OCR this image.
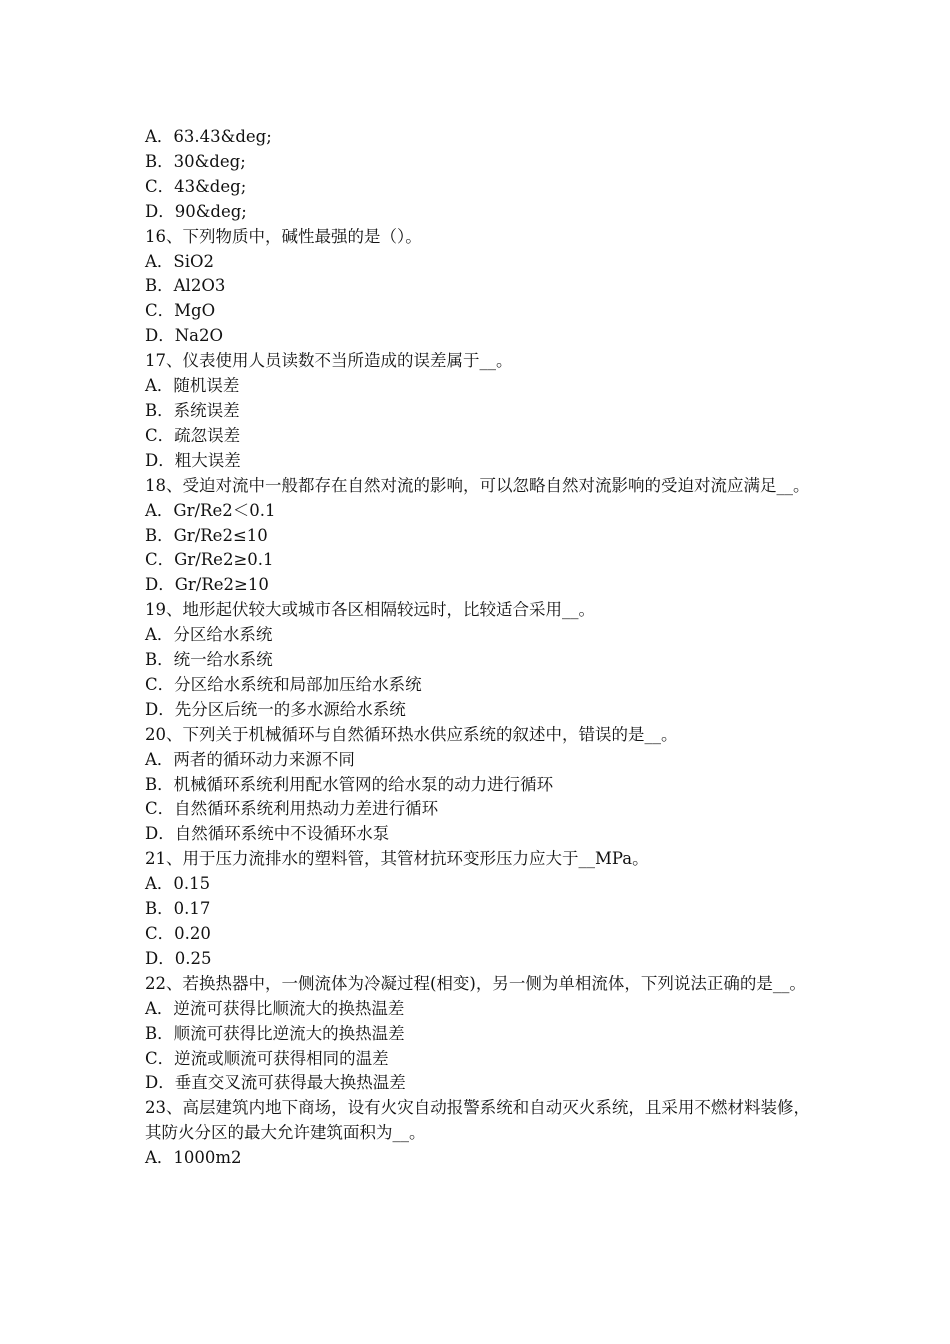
A．63.43&deg;

B．30&deg;

C．43&deg;

D．90&deg;

16、下列物质中，碱性最强的是（）。

A．SiO2

B．Al2O3

C．MgO

D．Na2O

17、仪表使用人员读数不当所造成的误差属于__。

A．随机误差

B．系统误差

C．疏忽误差

D．粗大误差

18、受迫对流中一般都存在自然对流的影响，可以忽略自然对流影响的受迫对流应满足__。

A．Gr/Re2＜0.1

B．Gr/Re2≤10

C．Gr/Re2≥0.1

D．Gr/Re2≥10

19、地形起伏较大或城市各区相隔较远时，比较适合采用__。

A．分区给水系统

B．统一给水系统

C．分区给水系统和局部加压给水系统

D．先分区后统一的多水源给水系统

20、下列关于机械循环与自然循环热水供应系统的叙述中，错误的是__。

A．两者的循环动力来源不同

B．机械循环系统利用配水管网的给水泵的动力进行循环

C．自然循环系统利用热动力差进行循环

D．自然循环系统中不设循环水泵

21、用于压力流排水的塑料管，其管材抗环变形压力应大于__MPa。

A．0.15

B．0.17

C．0.20

D．0.25

22、若换热器中，一侧流体为冷凝过程(相变)，另一侧为单相流体，下列说法正确的是__。

A．逆流可获得比顺流大的换热温差

B．顺流可获得比逆流大的换热温差

C．逆流或顺流可获得相同的温差

D．垂直交叉流可获得最大换热温差

23、高层建筑内地下商场，设有火灾自动报警系统和自动灭火系统，且采用不燃材料装修，其防火分区的最大允许建筑面积为__。

A．1000m2
